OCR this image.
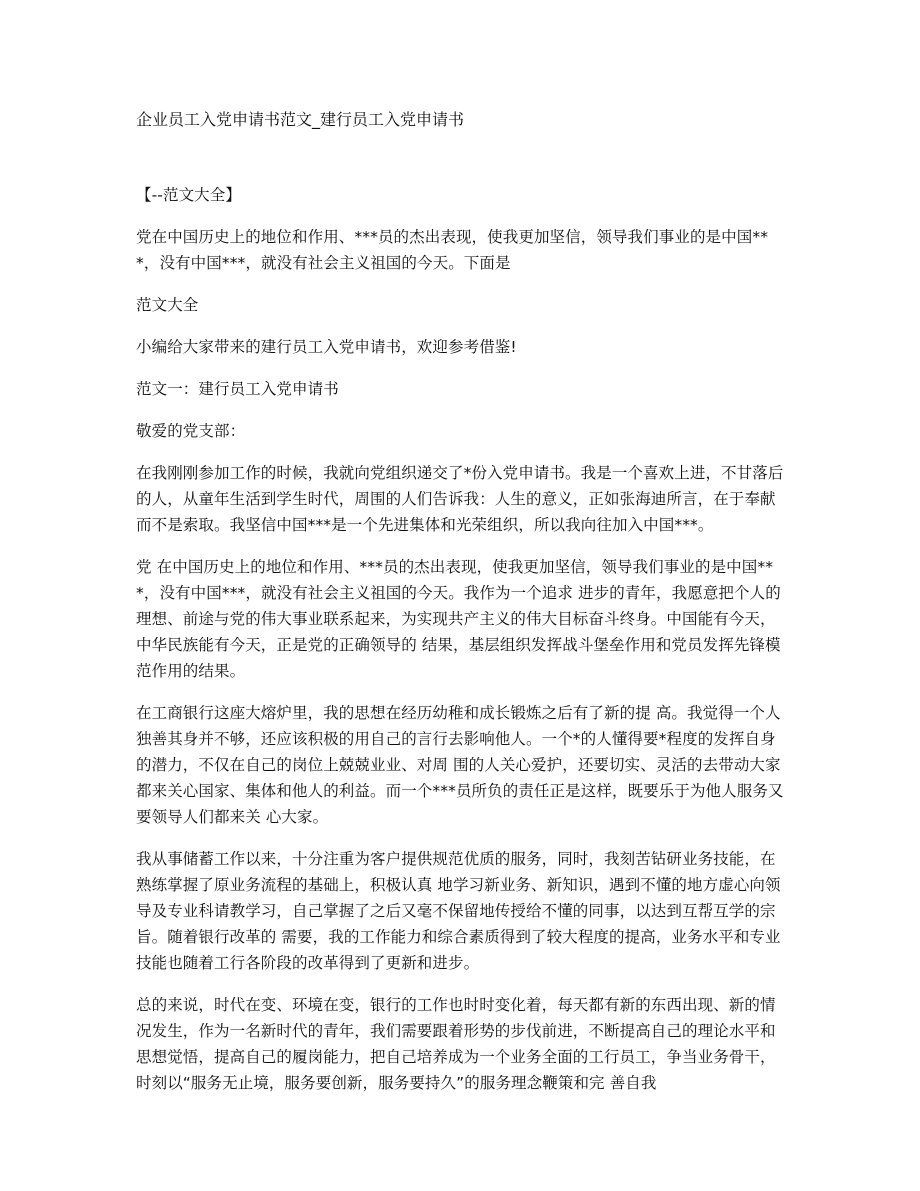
企业员工入党申请书范文_建行员工入党申请书

【--范文大全】

党在中国历史上的地位和作用、***员的杰出表现，使我更加坚信，领导我们事业的是中国***，没有中国***，就没有社会主义祖国的今天。下面是

范文大全

小编给大家带来的建行员工入党申请书，欢迎参考借鉴!

范文一：建行员工入党申请书

敬爱的党支部：

在我刚刚参加工作的时候，我就向党组织递交了*份入党申请书。我是一个喜欢上进，不甘落后的人，从童年生活到学生时代，周围的人们告诉我：人生的意义，正如张海迪所言，在于奉献而不是索取。我坚信中国***是一个先进集体和光荣组织，所以我向往加入中国***。

党 在中国历史上的地位和作用、***员的杰出表现，使我更加坚信，领导我们事业的是中国***，没有中国***，就没有社会主义祖国的今天。我作为一个追求 进步的青年，我愿意把个人的理想、前途与党的伟大事业联系起来，为实现共产主义的伟大目标奋斗终身。中国能有今天，中华民族能有今天，正是党的正确领导的 结果，基层组织发挥战斗堡垒作用和党员发挥先锋模范作用的结果。

在工商银行这座大熔炉里，我的思想在经历幼稚和成长锻炼之后有了新的提 高。我觉得一个人独善其身并不够，还应该积极的用自己的言行去影响他人。一个*的人懂得要*程度的发挥自身的潜力，不仅在自己的岗位上兢兢业业、对周 围的人关心爱护，还要切实、灵活的去带动大家都来关心国家、集体和他人的利益。而一个***员所负的责任正是这样，既要乐于为他人服务又要领导人们都来关 心大家。

我从事储蓄工作以来，十分注重为客户提供规范优质的服务，同时，我刻苦钻研业务技能，在熟练掌握了原业务流程的基础上，积极认真 地学习新业务、新知识，遇到不懂的地方虚心向领导及专业科请教学习，自己掌握了之后又毫不保留地传授给不懂的同事，以达到互帮互学的宗旨。随着银行改革的 需要，我的工作能力和综合素质得到了较大程度的提高，业务水平和专业技能也随着工行各阶段的改革得到了更新和进步。

总的来说，时代在变、环境在变，银行的工作也时时变化着，每天都有新的东西出现、新的情况发生，作为一名新时代的青年，我们需要跟着形势的步伐前进，不断提高自己的理论水平和 思想觉悟，提高自己的履岗能力，把自己培养成为一个业务全面的工行员工，争当业务骨干，时刻以“服务无止境，服务要创新，服务要持久”的服务理念鞭策和完 善自我
